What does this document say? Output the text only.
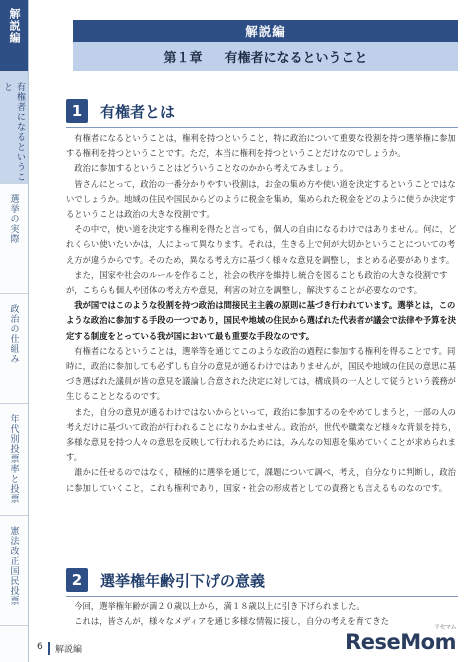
解説編
有権者になるということ
選挙の実際
政治の仕組み
年代別投票率と投票
憲法改正国民投票
解説編
第１章 有権者になるということ
1	有権者とは

有権者になるということは，権利を持つということ，特に政治について重要な役割を持つ選挙権に参加する権利を持つということです。ただ，本当に権利を持つということだけなのでしょうか。

政治に参加するということはどういうことなのかから考えてみましょう。

皆さんにとって，政治の一番分かりやすい役割は，お金の集め方や使い道を決定するということではないでしょうか。地域の住民や国民からどのように税金を集め，集められた税金をどのように使うか決定するということは政治の大きな役割です。

その中で，使い道を決定する権利を得たと言っても，個人の自由になるわけではありません。何に，どれくらい使いたいかは，人によって異なります。それは，生きる上で何が大切かということについての考え方が違うからです。そのため，異なる考え方に基づく様々な意見を調整し，まとめる必要があります。

また，国家や社会のルールを作ること，社会の秩序を維持し統合を図ることも政治の大きな役割ですが，こちらも個人や団体の考え方や意見，利害の対立を調整し，解決することが必要なのです。

我が国ではこのような役割を持つ政治は間接民主主義の原則に基づき行われています。選挙とは，このような政治に参加する手段の一つであり，国民や地域の住民から選ばれた代表者が議会で法律や予算を決定する制度をとっている我が国において最も重要な手段なのです。

有権者になるということは，選挙等を通じてこのような政治の過程に参加する権利を得ることです。同時に，政治に参加しても必ずしも自分の意見が通るわけではありませんが，国民や地域の住民の意思に基づき選ばれた議員が皆の意見を議論し合意された決定に対しては，構成員の一人として従うという義務が生じることとなるのです。

また，自分の意見が通るわけではないからといって，政治に参加するのをやめてしまうと，一部の人の考えだけに基づいて政治が行われることになりかねません。政治が，世代や職業など様々な背景を持ち，多様な意見を持つ人々の意思を反映して行われるためには，みんなの知恵を集めていくことが求められます。

誰かに任せるのではなく，積極的に選挙を通じて，課題について調べ，考え，自分なりに判断し，政治に参加していくこと，これも権利であり，国家・社会の形成者としての責務とも言えるものなのです。

2	選挙権年齢引下げの意義

今回，選挙権年齢が満２０歳以上から，満１８歳以上に引き下げられました。

これは，皆さんが，様々なメディアを通じ多様な情報に接し，自分の考えを育てきた

6	解説編	ReseMom
リセマム
